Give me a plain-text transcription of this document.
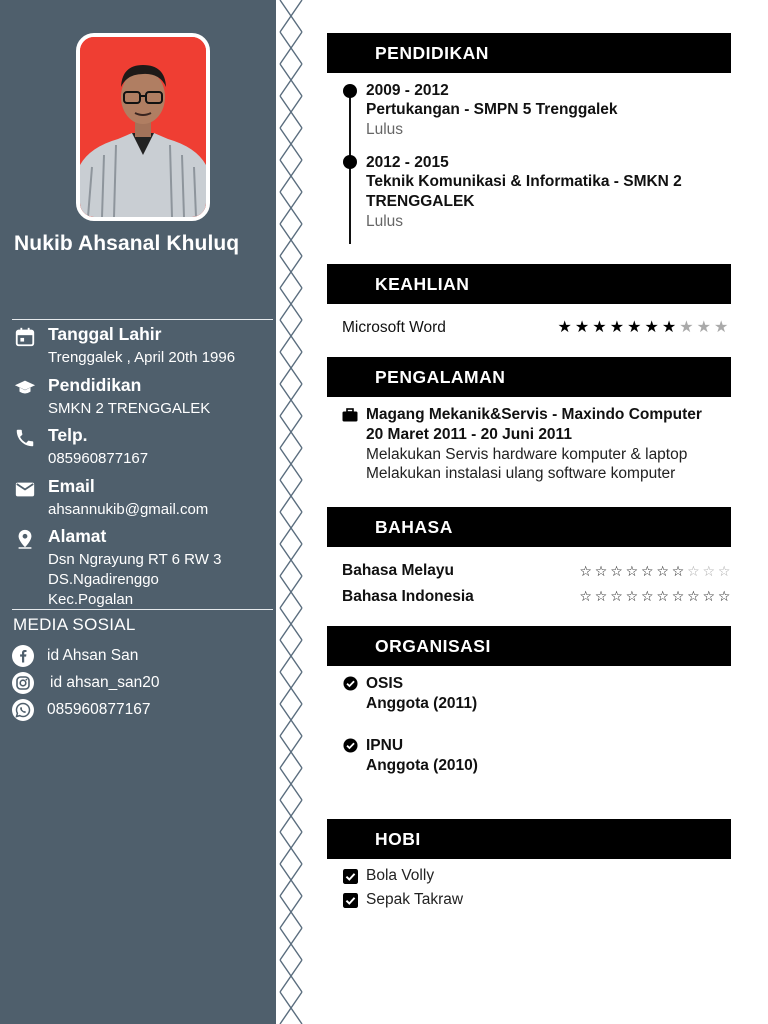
Nukib Ahsanal Khuluq
Tanggal Lahir
Trenggalek , April 20th 1996
Pendidikan
SMKN 2 TRENGGALEK
Telp.
085960877167
Email
ahsannukib@gmail.com
Alamat
Dsn Ngrayung RT 6 RW 3
DS.Ngadirenggo
Kec.Pogalan
MEDIA SOSIAL
id Ahsan San
id ahsan_san20
085960877167
PENDIDIKAN
2009 - 2012
Pertukangan - SMPN 5 Trenggalek
Lulus
2012 - 2015
Teknik Komunikasi & Informatika - SMKN 2
TRENGGALEK
Lulus
KEAHLIAN
Microsoft Word	★ ★ ★ ★ ★ ★ ★ ★ ★ ★
PENGALAMAN
Magang Mekanik&Servis - Maxindo Computer
20 Maret 2011 - 20 Juni 2011
Melakukan Servis hardware komputer & laptop
Melakukan instalasi ulang software komputer
BAHASA
Bahasa Melayu	☆ ☆ ☆ ☆ ☆ ☆ ☆ ☆ ☆ ☆
Bahasa Indonesia	☆ ☆ ☆ ☆ ☆ ☆ ☆ ☆ ☆ ☆
ORGANISASI
OSIS
Anggota (2011)
IPNU
Anggota (2010)
HOBI
Bola Volly
Sepak Takraw
